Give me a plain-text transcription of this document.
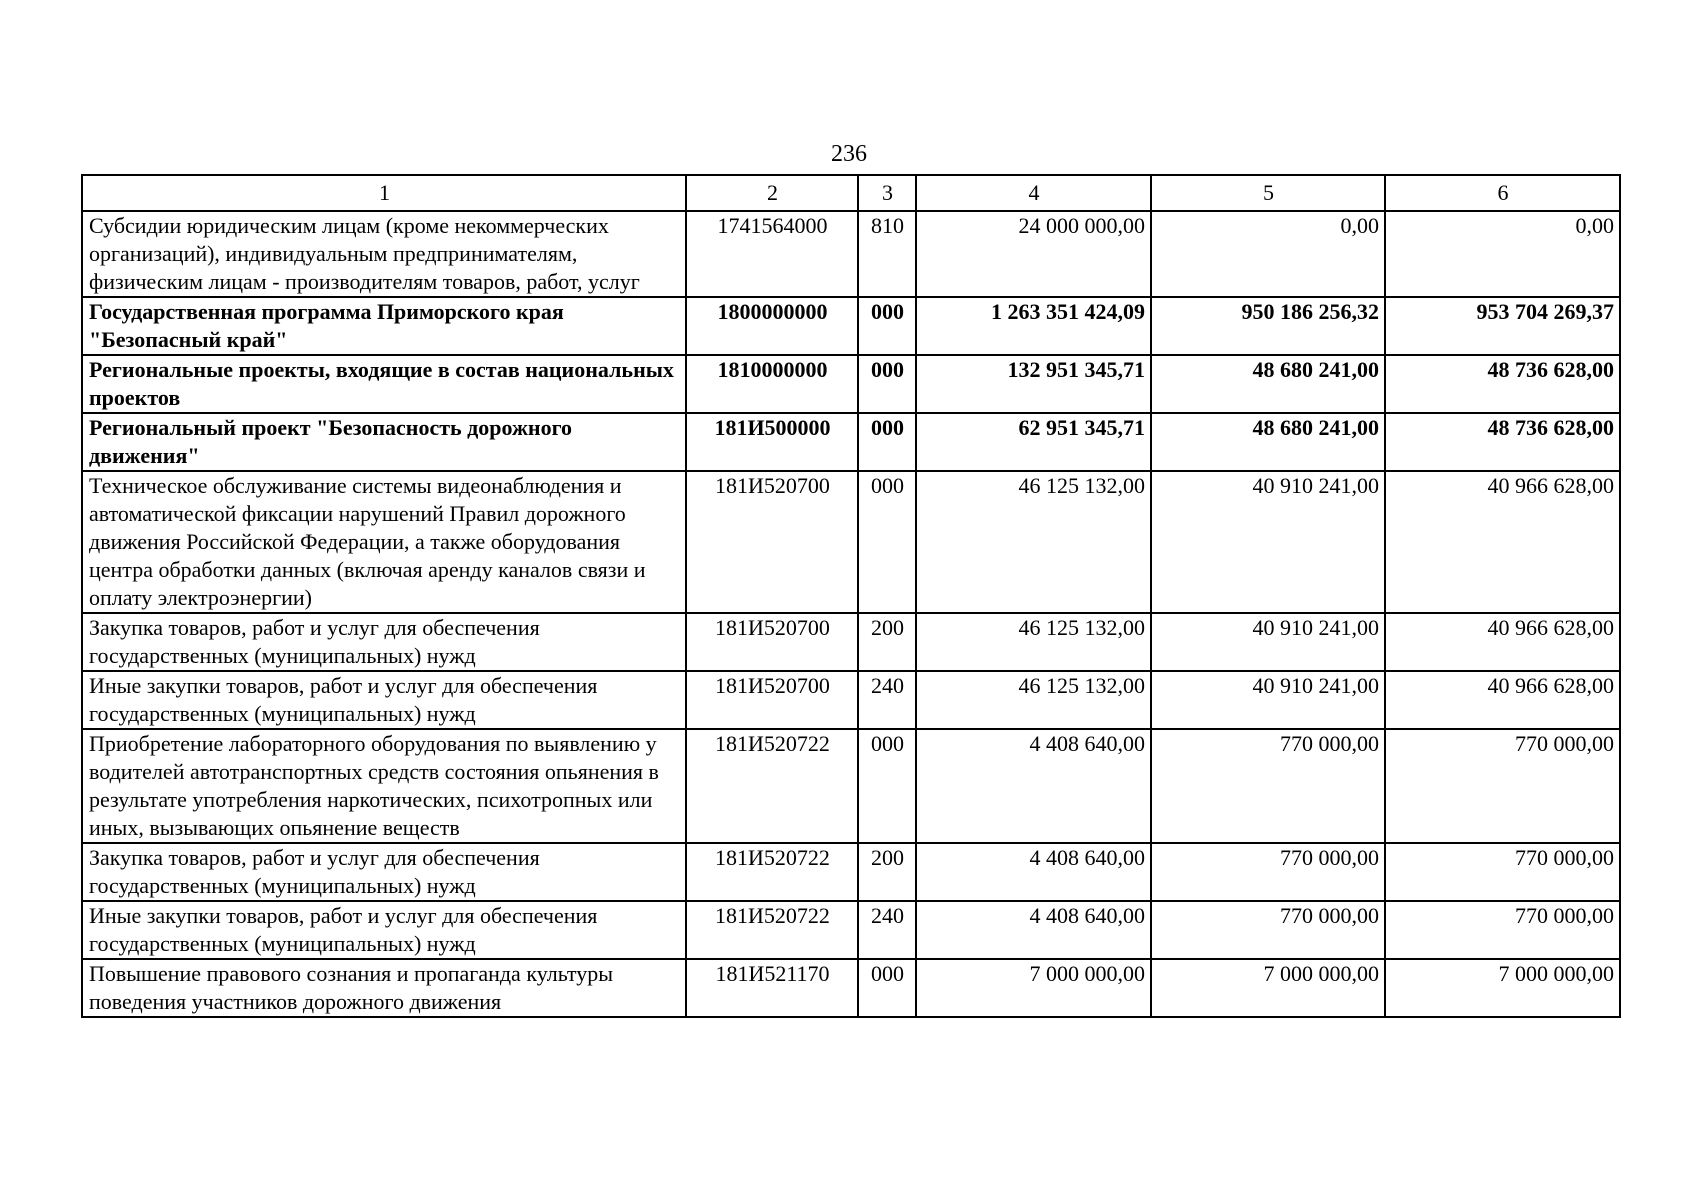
236
1	2	3	4	5	6
Субсидии юридическим лицам (кроме некоммерческих организаций), индивидуальным предпринимателям, физическим лицам - производителям товаров, работ, услуг	1741564000	810	24 000 000,00	0,00	0,00
Государственная программа Приморского края "Безопасный край"	1800000000	000	1 263 351 424,09	950 186 256,32	953 704 269,37
Региональные проекты, входящие в состав национальных проектов	1810000000	000	132 951 345,71	48 680 241,00	48 736 628,00
Региональный проект "Безопасность дорожного движения"	181И500000	000	62 951 345,71	48 680 241,00	48 736 628,00
Техническое обслуживание системы видеонаблюдения и автоматической фиксации нарушений Правил дорожного движения Российской Федерации, а также оборудования центра обработки данных (включая аренду каналов связи и оплату электроэнергии)	181И520700	000	46 125 132,00	40 910 241,00	40 966 628,00
Закупка товаров, работ и услуг для обеспечения государственных (муниципальных) нужд	181И520700	200	46 125 132,00	40 910 241,00	40 966 628,00
Иные закупки товаров, работ и услуг для обеспечения государственных (муниципальных) нужд	181И520700	240	46 125 132,00	40 910 241,00	40 966 628,00
Приобретение лабораторного оборудования по выявлению у водителей автотранспортных средств состояния опьянения в результате употребления наркотических, психотропных или иных, вызывающих опьянение веществ	181И520722	000	4 408 640,00	770 000,00	770 000,00
Закупка товаров, работ и услуг для обеспечения государственных (муниципальных) нужд	181И520722	200	4 408 640,00	770 000,00	770 000,00
Иные закупки товаров, работ и услуг для обеспечения государственных (муниципальных) нужд	181И520722	240	4 408 640,00	770 000,00	770 000,00
Повышение правового сознания и пропаганда культуры поведения участников дорожного движения	181И521170	000	7 000 000,00	7 000 000,00	7 000 000,00
